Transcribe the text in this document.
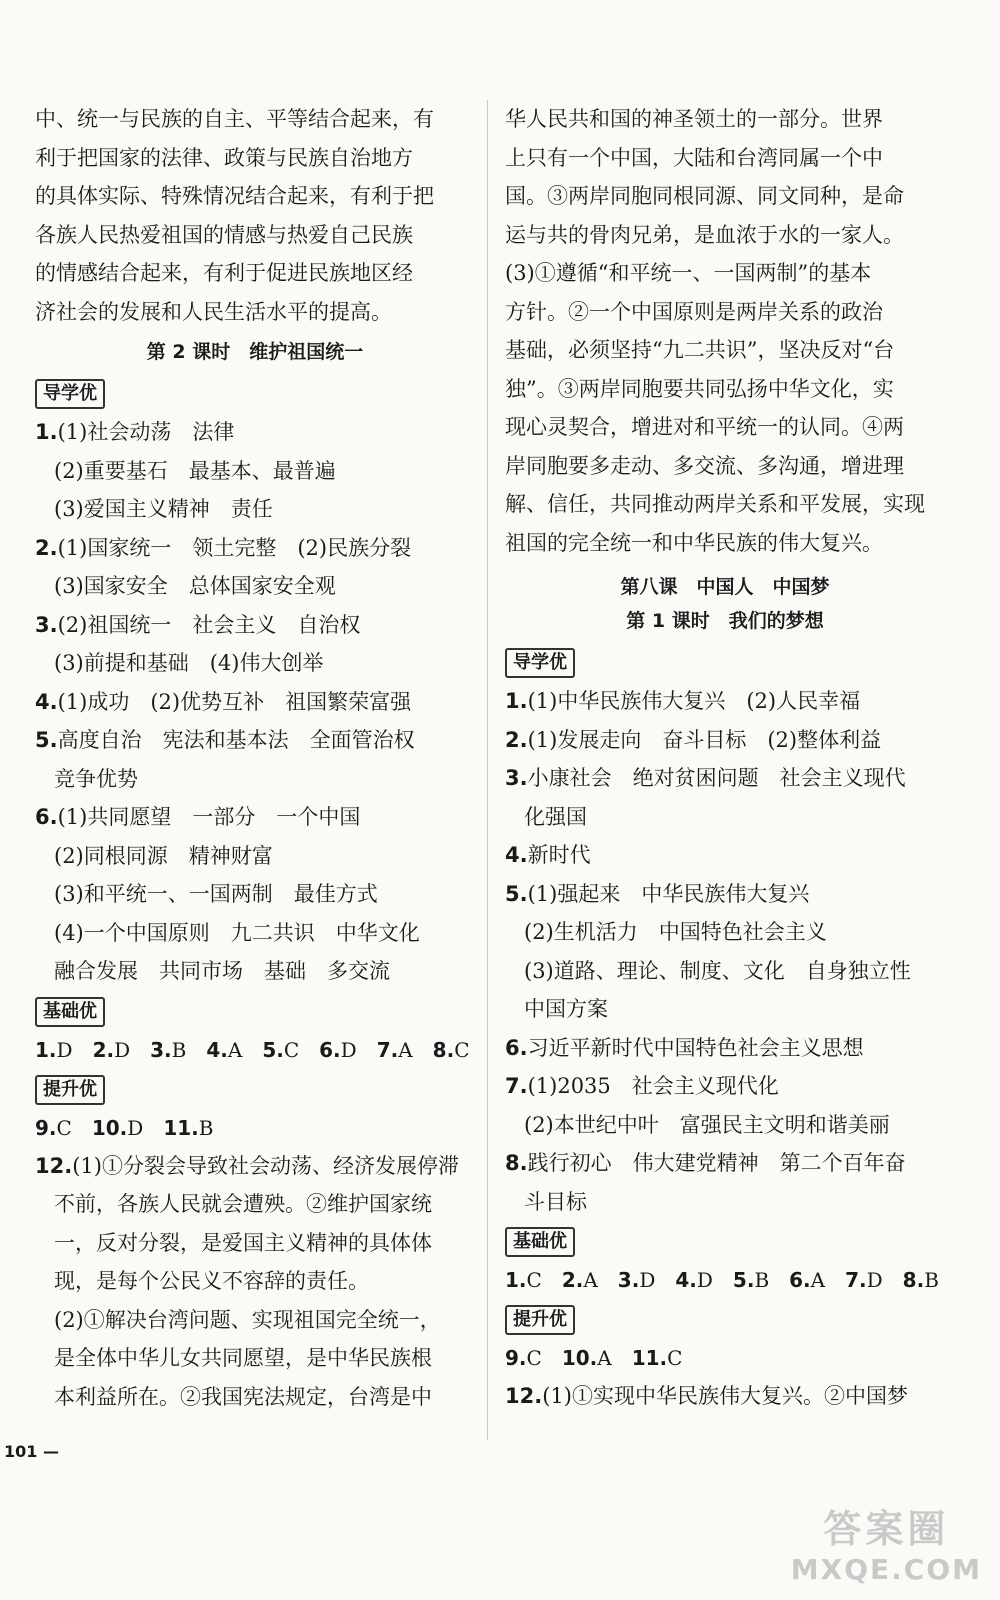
中、统一与民族的自主、平等结合起来，有

利于把国家的法律、政策与民族自治地方

的具体实际、特殊情况结合起来，有利于把

各族人民热爱祖国的情感与热爱自己民族

的情感结合起来，有利于促进民族地区经

济社会的发展和人民生活水平的提高。

第 2 课时　维护祖国统一
导学优

1.(1)社会动荡　法律

(2)重要基石　最基本、最普遍

(3)爱国主义精神　责任

2.(1)国家统一　领土完整　(2)民族分裂

(3)国家安全　总体国家安全观

3.(2)祖国统一　社会主义　自治权

(3)前提和基础　(4)伟大创举

4.(1)成功　(2)优势互补　祖国繁荣富强

5.高度自治　宪法和基本法　全面管治权

竞争优势

6.(1)共同愿望　一部分　一个中国

(2)同根同源　精神财富

(3)和平统一、一国两制　最佳方式

(4)一个中国原则　九二共识　中华文化

融合发展　共同市场　基础　多交流

基础优
1.D 2.D 3.B 4.A 5.C 6.D 7.A 8.C
提升优
9.C 10.D 11.B

12.(1)①分裂会导致社会动荡、经济发展停滞

不前，各族人民就会遭殃。②维护国家统

一，反对分裂，是爱国主义精神的具体体

现，是每个公民义不容辞的责任。

(2)①解决台湾问题、实现祖国完全统一，

是全体中华儿女共同愿望，是中华民族根

本利益所在。②我国宪法规定，台湾是中

华人民共和国的神圣领土的一部分。世界

上只有一个中国，大陆和台湾同属一个中

国。③两岸同胞同根同源、同文同种，是命

运与共的骨肉兄弟，是血浓于水的一家人。

(3)①遵循“和平统一、一国两制”的基本

方针。②一个中国原则是两岸关系的政治

基础，必须坚持“九二共识”，坚决反对“台

独”。③两岸同胞要共同弘扬中华文化，实

现心灵契合，增进对和平统一的认同。④两

岸同胞要多走动、多交流、多沟通，增进理

解、信任，共同推动两岸关系和平发展，实现

祖国的完全统一和中华民族的伟大复兴。

第八课　中国人　中国梦
第 1 课时　我们的梦想
导学优

1.(1)中华民族伟大复兴　(2)人民幸福

2.(1)发展走向　奋斗目标　(2)整体利益

3.小康社会　绝对贫困问题　社会主义现代

化强国

4.新时代

5.(1)强起来　中华民族伟大复兴

(2)生机活力　中国特色社会主义

(3)道路、理论、制度、文化　自身独立性

中国方案

6.习近平新时代中国特色社会主义思想

7.(1)2035　社会主义现代化

(2)本世纪中叶　富强民主文明和谐美丽

8.践行初心　伟大建党精神　第二个百年奋

斗目标

基础优
1.C 2.A 3.D 4.D 5.B 6.A 7.D 8.B
提升优
9.C 10.A 11.C

12.(1)①实现中华民族伟大复兴。②中国梦

101 —
答案圈
MXQE.COM
